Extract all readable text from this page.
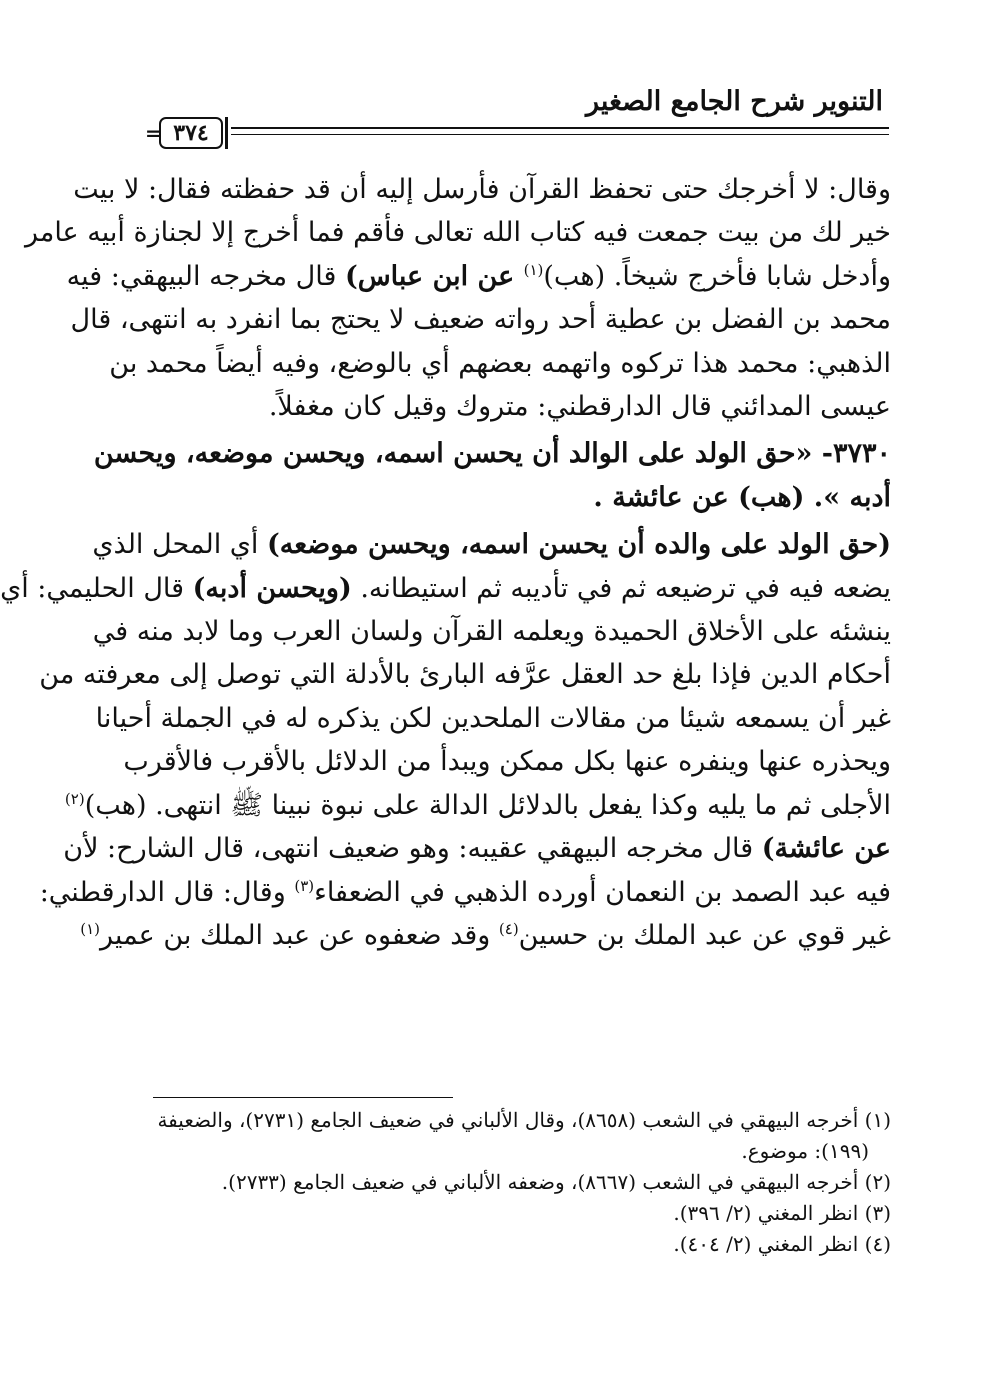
التنوير شرح الجامع الصغير
٣٧٤
=

وقال: لا أخرجك حتى تحفظ القرآن فأرسل إليه أن قد حفظته فقال: لا بيت
خير لك من بيت جمعت فيه كتاب الله تعالى فأقم فما أخرج إلا لجنازة أبيه عامر
وأدخل شابا فأخرج شيخاً. (هب)$^{(١)}$ عن ابن عباس) قال مخرجه البيهقي: فيه
محمد بن الفضل بن عطية أحد رواته ضعيف لا يحتج بما انفرد به انتهى، قال
الذهبي: محمد هذا تركوه واتهمه بعضهم أي بالوضع، وفيه أيضاً محمد بن
عيسى المدائني قال الدارقطني: متروك وقيل كان مغفلاً.

٣٧٣٠- «حق الولد على الوالد أن يحسن اسمه، ويحسن موضعه، ويحسن
أدبه ». (هب) عن عائشة .

(حق الولد على والده أن يحسن اسمه، ويحسن موضعه) أي المحل الذي
يضعه فيه في ترضيعه ثم في تأديبه ثم استيطانه. (ويحسن أدبه) قال الحليمي: أي
ينشئه على الأخلاق الحميدة ويعلمه القرآن ولسان العرب وما لابد منه في
أحكام الدين فإذا بلغ حد العقل عرَّفه البارئ بالأدلة التي توصل إلى معرفته من
غير أن يسمعه شيئا من مقالات الملحدين لكن يذكره له في الجملة أحيانا
ويحذره عنها وينفره عنها بكل ممكن ويبدأ من الدلائل بالأقرب فالأقرب
الأجلى ثم ما يليه وكذا يفعل بالدلائل الدالة على نبوة نبينا ﷺ انتهى. (هب)$^{(٢)}$
عن عائشة) قال مخرجه البيهقي عقيبه: وهو ضعيف انتهى، قال الشارح: لأن
فيه عبد الصمد بن النعمان أورده الذهبي في الضعفاء$^{(٣)}$ وقال: قال الدارقطني:
غير قوي عن عبد الملك بن حسين$^{(٤)}$ وقد ضعفوه عن عبد الملك بن عمير$^{(١)}$

(١) أخرجه البيهقي في الشعب (٨٦٥٨)، وقال الألباني في ضعيف الجامع (٢٧٣١)، والضعيفة
(١٩٩): موضوع.
(٢) أخرجه البيهقي في الشعب (٨٦٦٧)، وضعفه الألباني في ضعيف الجامع (٢٧٣٣).
(٣) انظر المغني (٢/ ٣٩٦).
(٤) انظر المغني (٢/ ٤٠٤).
